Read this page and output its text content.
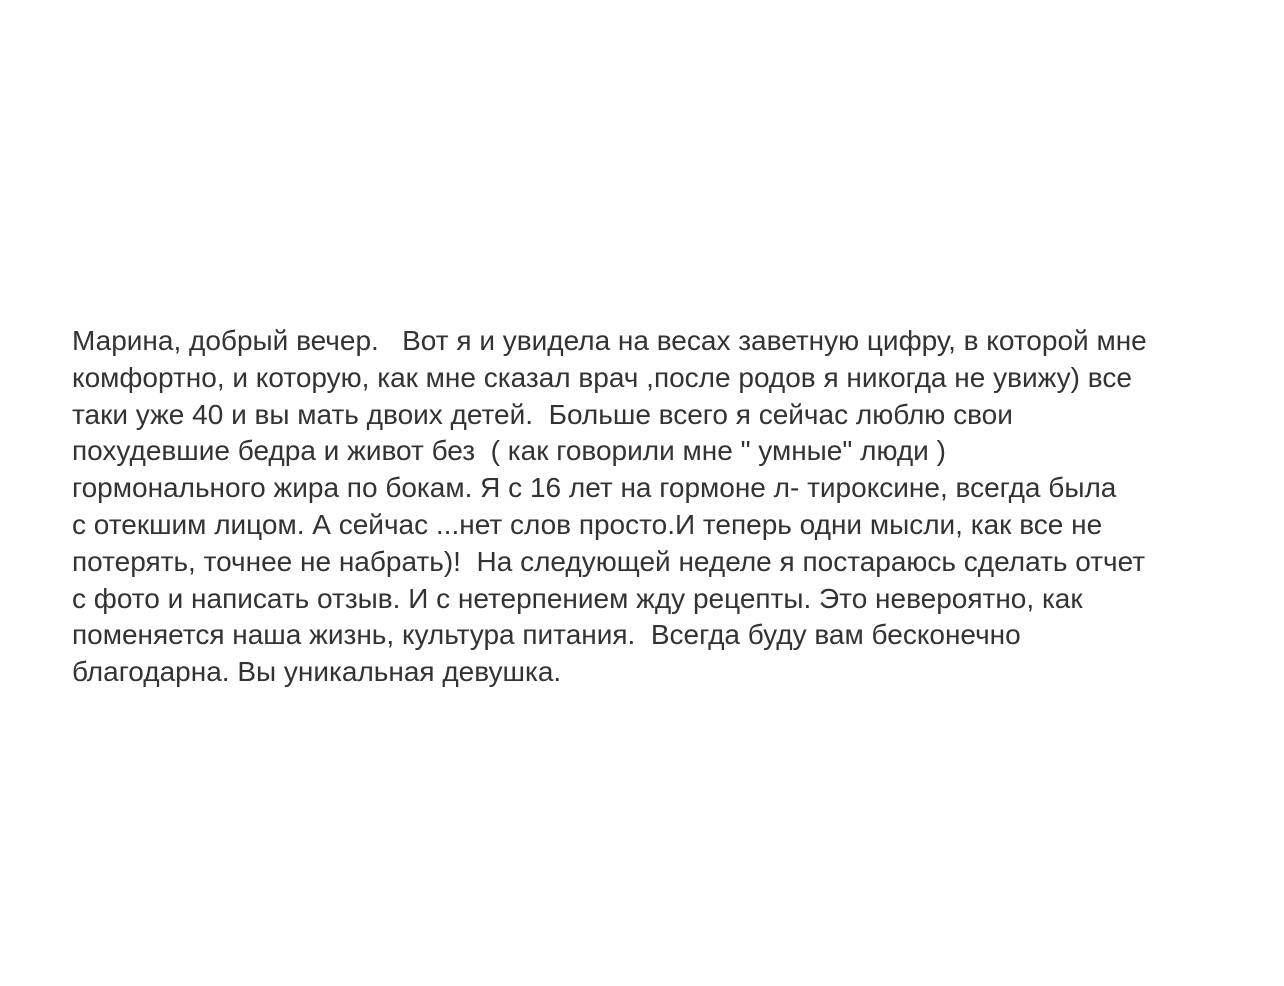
Марина, добрый вечер.   Вот я и увидела на весах заветную цифру, в которой мне
комфортно, и которую, как мне сказал врач ,после родов я никогда не увижу) все
таки уже 40 и вы мать двоих детей.  Больше всего я сейчас люблю свои
похудевшие бедра и живот без  ( как говорили мне " умные" люди )
гормонального жира по бокам. Я с 16 лет на гормоне л- тироксине, всегда была
с отекшим лицом. А сейчас ...нет слов просто.И теперь одни мысли, как все не
потерять, точнее не набрать)!  На следующей неделе я постараюсь сделать отчет
с фото и написать отзыв. И с нетерпением жду рецепты. Это невероятно, как
поменяется наша жизнь, культура питания.  Всегда буду вам бесконечно
благодарна. Вы уникальная девушка.
